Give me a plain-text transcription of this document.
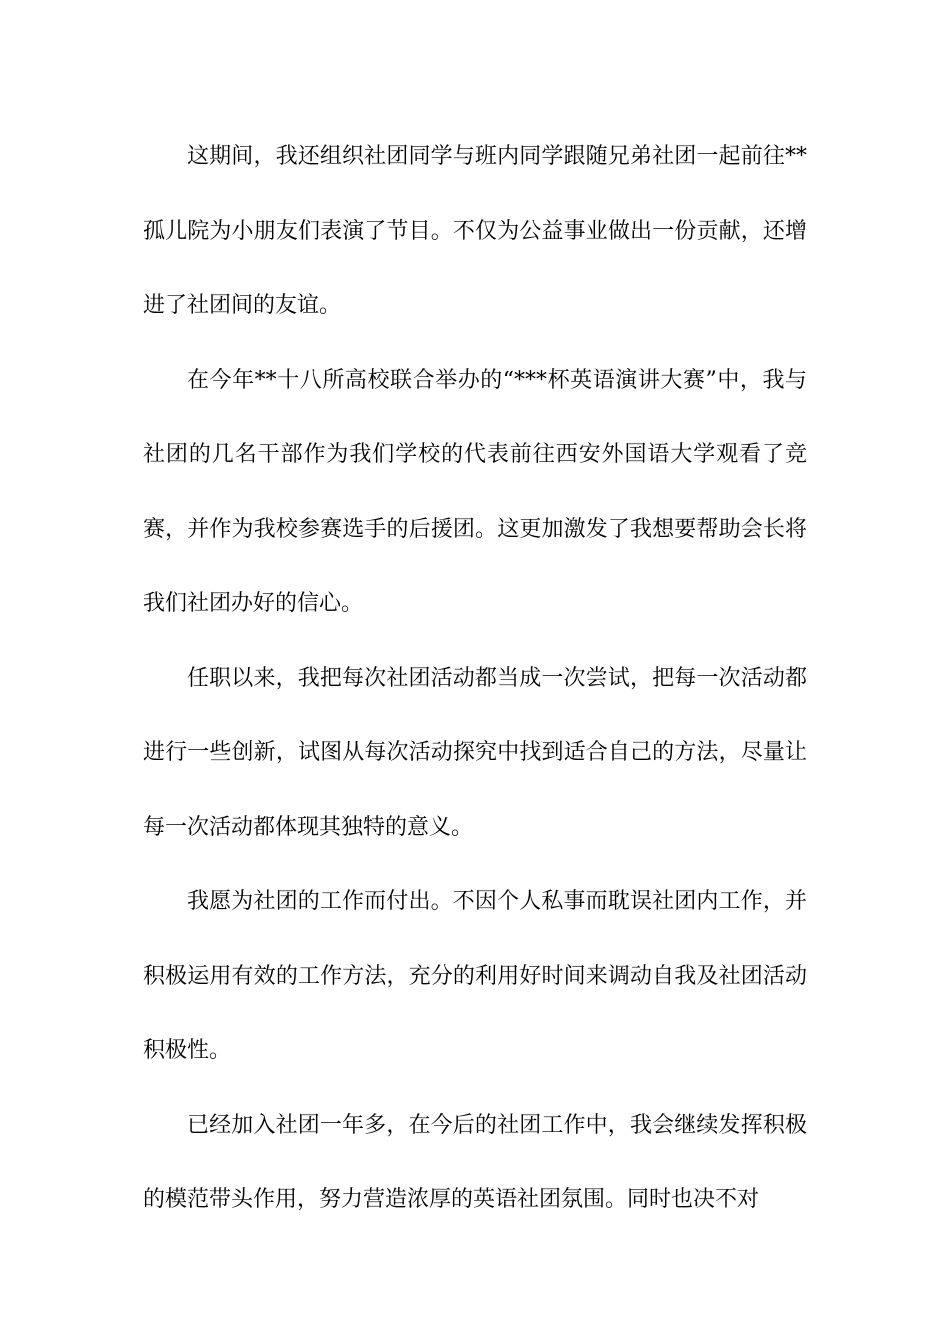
这期间，我还组织社团同学与班内同学跟随兄弟社团一起前往**孤儿院为小朋友们表演了节目。不仅为公益事业做出一份贡献，还增进了社团间的友谊。

在今年**十八所高校联合举办的“***杯英语演讲大赛”中，我与社团的几名干部作为我们学校的代表前往西安外国语大学观看了竞赛，并作为我校参赛选手的后援团。这更加激发了我想要帮助会长将我们社团办好的信心。

任职以来，我把每次社团活动都当成一次尝试，把每一次活动都进行一些创新，试图从每次活动探究中找到适合自己的方法，尽量让每一次活动都体现其独特的意义。

我愿为社团的工作而付出。不因个人私事而耽误社团内工作，并积极运用有效的工作方法，充分的利用好时间来调动自我及社团活动积极性。

已经加入社团一年多，在今后的社团工作中，我会继续发挥积极的模范带头作用，努力营造浓厚的英语社团氛围。同时也决不对
